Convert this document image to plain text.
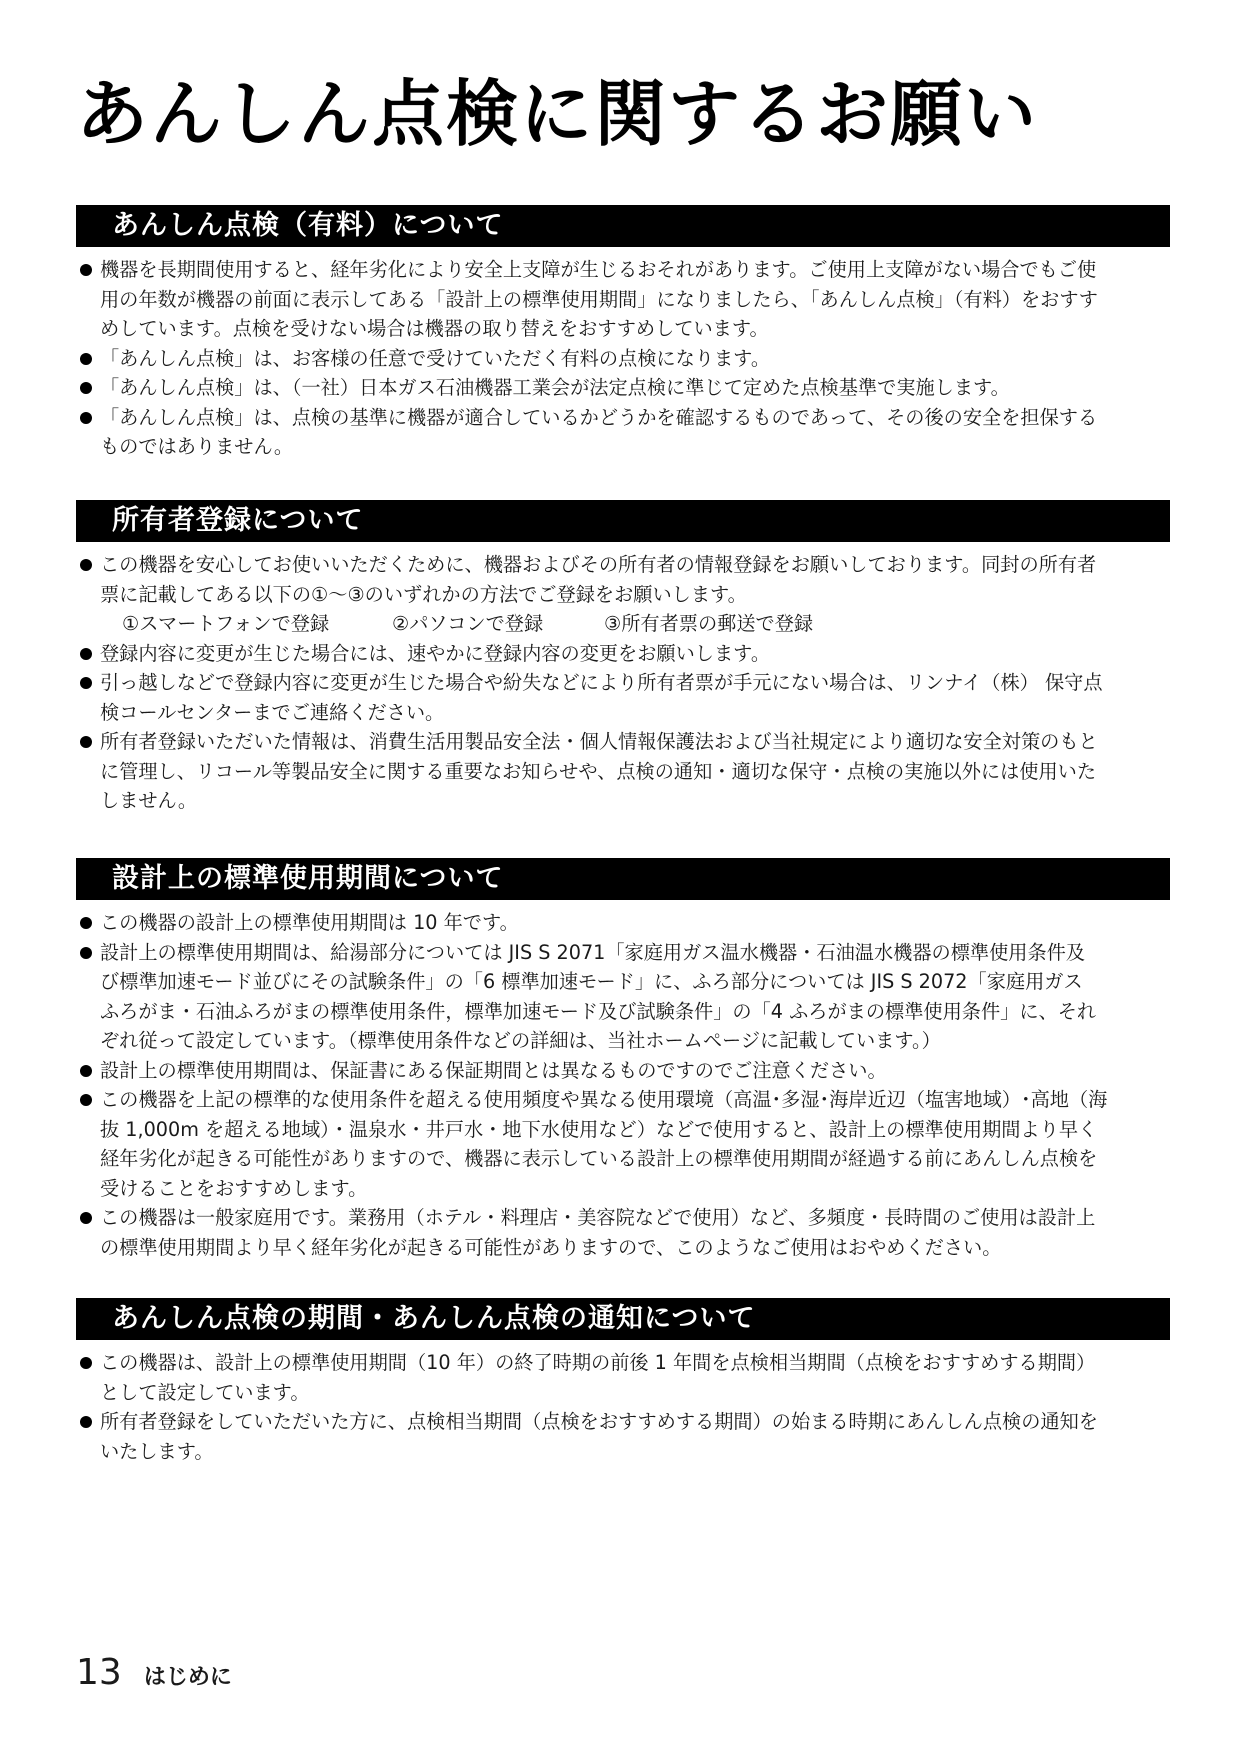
あんしん点検に関するお願い
あんしん点検（有料）について
機器を長期間使用すると、経年劣化により安全上支障が生じるおそれがあります。ご使用上支障がない場合でもご使
用の年数が機器の前面に表示してある「設計上の標準使用期間」になりましたら、「あんしん点検」（有料）をおすす
めしています。点検を受けない場合は機器の取り替えをおすすめしています。
「あんしん点検」は、お客様の任意で受けていただく有料の点検になります。
「あんしん点検」は、（一社）日本ガス石油機器工業会が法定点検に準じて定めた点検基準で実施します。
「あんしん点検」は、点検の基準に機器が適合しているかどうかを確認するものであって、その後の安全を担保する
ものではありません。
所有者登録について
この機器を安心してお使いいただくために、機器およびその所有者の情報登録をお願いしております。同封の所有者
票に記載してある以下の①～③のいずれかの方法でご登録をお願いします。
①スマートフォンで登録	②パソコンで登録	③所有者票の郵送で登録
登録内容に変更が生じた場合には、速やかに登録内容の変更をお願いします。
引っ越しなどで登録内容に変更が生じた場合や紛失などにより所有者票が手元にない場合は、リンナイ（株） 保守点
検コールセンターまでご連絡ください。
所有者登録いただいた情報は、消費生活用製品安全法・個人情報保護法および当社規定により適切な安全対策のもと
に管理し、リコール等製品安全に関する重要なお知らせや、点検の通知・適切な保守・点検の実施以外には使用いた
しません。
設計上の標準使用期間について
この機器の設計上の標準使用期間は 10 年です。
設計上の標準使用期間は、給湯部分については JIS S 2071「家庭用ガス温水機器・石油温水機器の標準使用条件及
び標準加速モード並びにその試験条件」の「6 標準加速モード」に、ふろ部分については JIS S 2072「家庭用ガス
ふろがま・石油ふろがまの標準使用条件，標準加速モード及び試験条件」の「4 ふろがまの標準使用条件」に、それ
ぞれ従って設定しています。（標準使用条件などの詳細は、当社ホームページに記載しています。）
設計上の標準使用期間は、保証書にある保証期間とは異なるものですのでご注意ください。
この機器を上記の標準的な使用条件を超える使用頻度や異なる使用環境（高温･多湿･海岸近辺（塩害地域）･高地（海
抜 1,000m を超える地域）・温泉水・井戸水・地下水使用など）などで使用すると、設計上の標準使用期間より早く
経年劣化が起きる可能性がありますので、機器に表示している設計上の標準使用期間が経過する前にあんしん点検を
受けることをおすすめします。
この機器は一般家庭用です。業務用（ホテル・料理店・美容院などで使用）など、多頻度・長時間のご使用は設計上
の標準使用期間より早く経年劣化が起きる可能性がありますので、このようなご使用はおやめください。
あんしん点検の期間・あんしん点検の通知について
この機器は、設計上の標準使用期間（10 年）の終了時期の前後 1 年間を点検相当期間（点検をおすすめする期間）
として設定しています。
所有者登録をしていただいた方に、点検相当期間（点検をおすすめする期間）の始まる時期にあんしん点検の通知を
いたします。
13 はじめに
